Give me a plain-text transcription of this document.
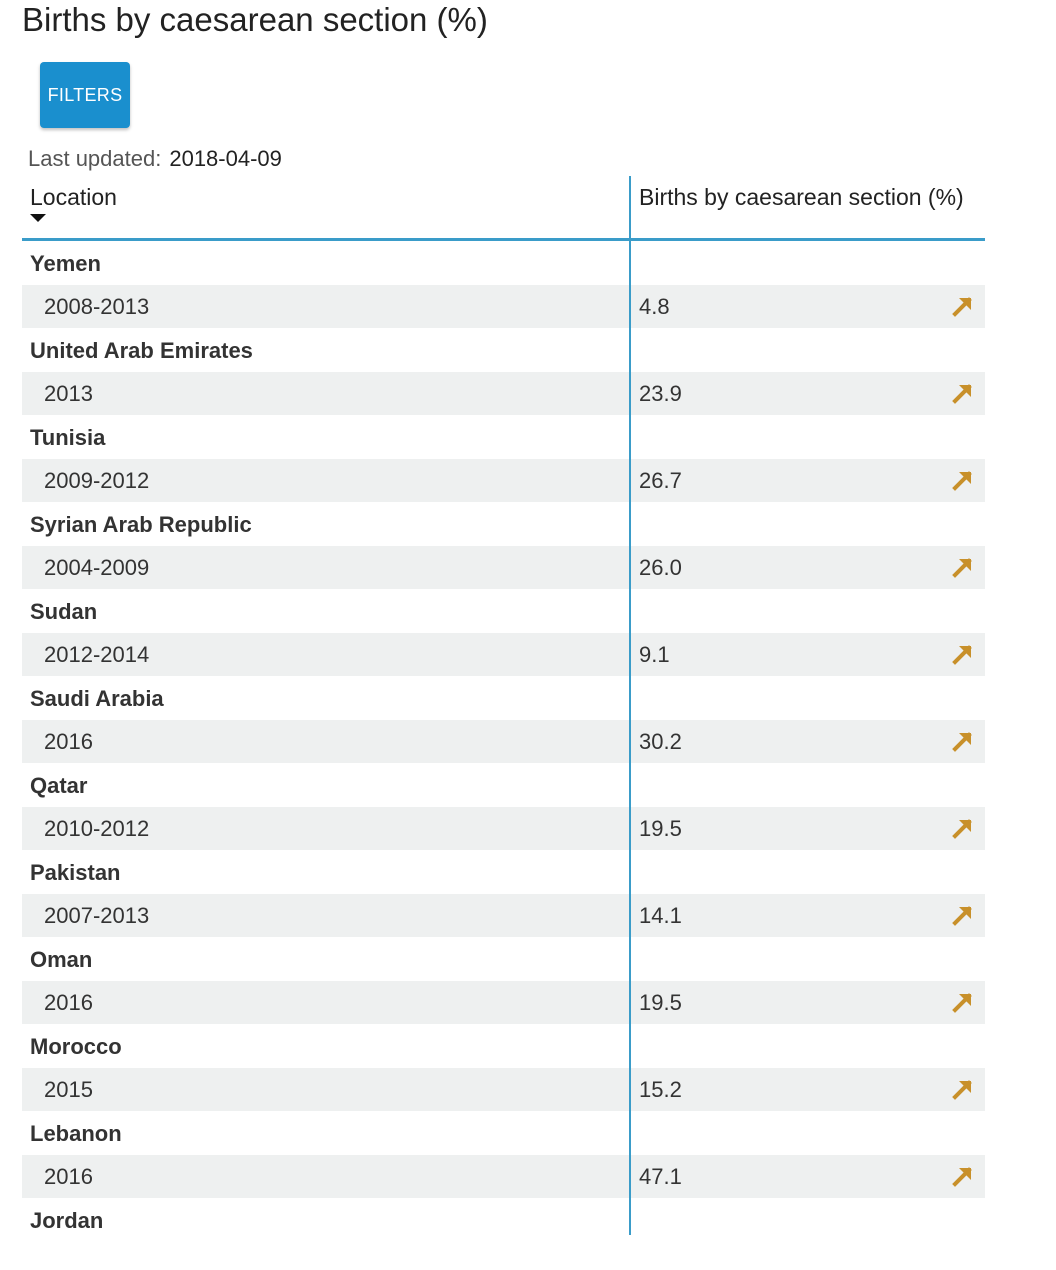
Births by caesarean section (%)
FILTERS
Last updated: 2018-04-09
Location	Births by caesarean section (%)
Yemen
2008-2013	4.8
United Arab Emirates
2013	23.9
Tunisia
2009-2012	26.7
Syrian Arab Republic
2004-2009	26.0
Sudan
2012-2014	9.1
Saudi Arabia
2016	30.2
Qatar
2010-2012	19.5
Pakistan
2007-2013	14.1
Oman
2016	19.5
Morocco
2015	15.2
Lebanon
2016	47.1
Jordan
